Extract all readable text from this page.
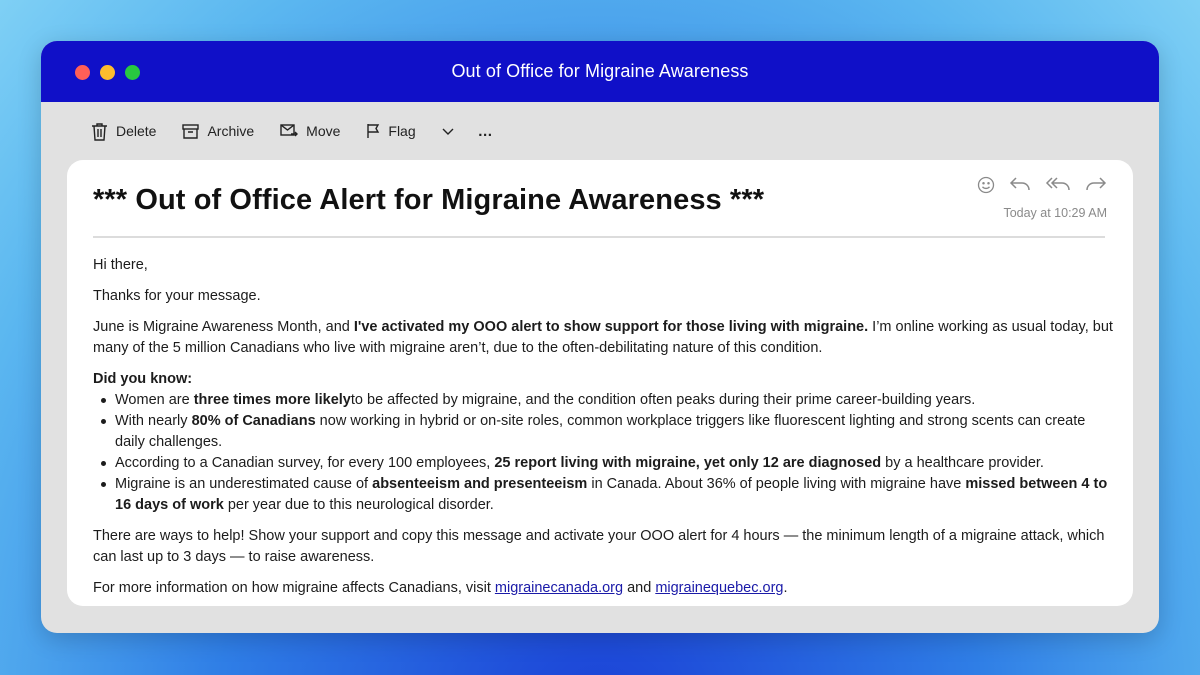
Out of Office for Migraine Awareness
Delete	Archive	Move	Flag	…
*** Out of Office Alert for Migraine Awareness ***	Today at 10:29 AM

Hi there,

Thanks for your message.

June is Migraine Awareness Month, and I've activated my OOO alert to show support for those living with migraine. I’m online working as usual today, but many of the 5 million Canadians who live with migraine aren’t, due to the often-debilitating nature of this condition.

Did you know:
Women are three times more likelyto be affected by migraine, and the condition often peaks during their prime career-building years.
With nearly 80% of Canadians now working in hybrid or on-site roles, common workplace triggers like fluorescent lighting and strong scents can create daily challenges.
According to a Canadian survey, for every 100 employees, 25 report living with migraine, yet only 12 are diagnosed by a healthcare provider.
Migraine is an underestimated cause of absenteeism and presenteeism in Canada. About 36% of people living with migraine have missed between 4 to 16 days of work per year due to this neurological disorder.

There are ways to help! Show your support and copy this message and activate your OOO alert for 4 hours — the minimum length of a migraine attack, which can last up to 3 days — to raise awareness.

For more information on how migraine affects Canadians, visit migrainecanada.org and migrainequebec.org.
